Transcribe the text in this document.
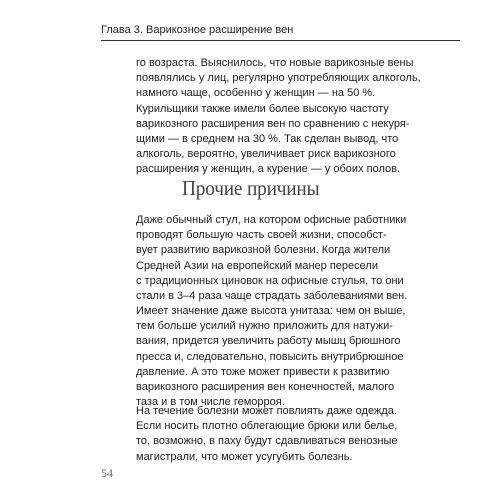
Глава 3. Варикозное расширение вен
го возраста. Выяснилось, что новые варикозные вены
появлялись у лиц, регулярно употребляющих алкоголь,
намного чаще, особенно у женщин — на 50 %.
Курильщики также имели более высокую частоту
варикозного расширения вен по сравнению с некуря-
щими — в среднем на 30 %. Так сделан вывод, что
алкоголь, вероятно, увеличивает риск варикозного
расширения у женщин, а курение — у обоих полов.
Прочие причины
Даже обычный стул, на котором офисные работники
проводят большую часть своей жизни, способст-
вует развитию варикозной болезни. Когда жители
Средней Азии на европейский манер пересели
с традиционных циновок на офисные стулья, то они
стали в 3–4 раза чаще страдать заболеваниями вен.
Имеет значение даже высота унитаза: чем он выше,
тем больше усилий нужно приложить для натужи-
вания, придется увеличить работу мышц брюшного
пресса и, следовательно, повысить внутрибрюшное
давление. А это тоже может привести к развитию
варикозного расширения вен конечностей, малого
таза и в том числе геморроя.
На течение болезни может повлиять даже одежда.
Если носить плотно облегающие брюки или белье,
то, возможно, в паху будут сдавливаться венозные
магистрали, что может усугубить болезнь.
54
